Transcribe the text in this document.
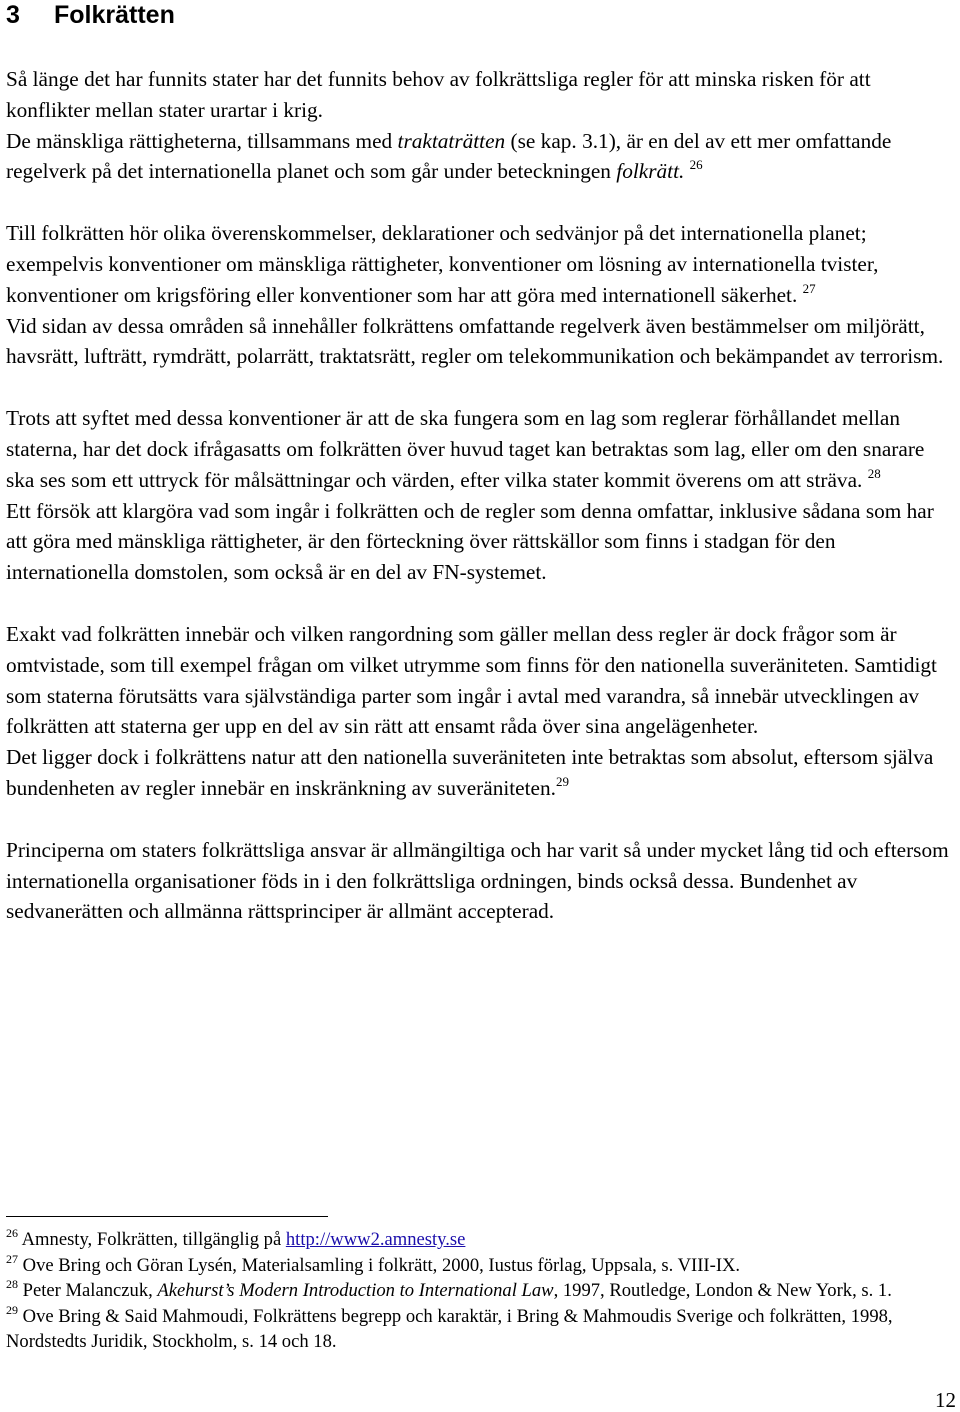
3 Folkrätten

Så länge det har funnits stater har det funnits behov av folkrättsliga regler för att minska risken för att konflikter mellan stater urartar i krig.
De mänskliga rättigheterna, tillsammans med traktaträtten (se kap. 3.1), är en del av ett mer omfattande regelverk på det internationella planet och som går under beteckningen folkrätt. $^{26}$

Till folkrätten hör olika överenskommelser, deklarationer och sedvänjor på det internationella planet; exempelvis konventioner om mänskliga rättigheter, konventioner om lösning av internationella tvister, konventioner om krigsföring eller konventioner som har att göra med internationell säkerhet. $^{27}$

Vid sidan av dessa områden så innehåller folkrättens omfattande regelverk även bestämmelser om miljörätt, havsrätt, lufträtt, rymdrätt, polarrätt, traktatsrätt, regler om telekommunikation och bekämpandet av terrorism.

Trots att syftet med dessa konventioner är att de ska fungera som en lag som reglerar förhållandet mellan staterna, har det dock ifrågasatts om folkrätten över huvud taget kan betraktas som lag, eller om den snarare ska ses som ett uttryck för målsättningar och värden, efter vilka stater kommit överens om att sträva. $^{28}$

Ett försök att klargöra vad som ingår i folkrätten och de regler som denna omfattar, inklusive sådana som har att göra med mänskliga rättigheter, är den förteckning över rättskällor som finns i stadgan för den internationella domstolen, som också är en del av FN-systemet.

Exakt vad folkrätten innebär och vilken rangordning som gäller mellan dess regler är dock frågor som är omtvistade, som till exempel frågan om vilket utrymme som finns för den nationella suveräniteten. Samtidigt som staterna förutsätts vara självständiga parter som ingår i avtal med varandra, så innebär utvecklingen av folkrätten att staterna ger upp en del av sin rätt att ensamt råda över sina angelägenheter.

Det ligger dock i folkrättens natur att den nationella suveräniteten inte betraktas som absolut, eftersom själva bundenheten av regler innebär en inskränkning av suveräniteten.$^{29}$

Principerna om staters folkrättsliga ansvar är allmängiltiga och har varit så under mycket lång tid och eftersom internationella organisationer föds in i den folkrättsliga ordningen, binds också dessa. Bundenhet av sedvanerätten och allmänna rättsprinciper är allmänt accepterad.

$^{26}$ Amnesty, Folkrätten, tillgänglig på http://www2.amnesty.se

$^{27}$ Ove Bring och Göran Lysén, Materialsamling i folkrätt, 2000, Iustus förlag, Uppsala, s. VIII-IX.

$^{28}$ Peter Malanczuk, Akehurst’s Modern Introduction to International Law, 1997, Routledge, London & New York, s. 1.

$^{29}$ Ove Bring & Said Mahmoudi, Folkrättens begrepp och karaktär, i Bring & Mahmoudis Sverige och folkrätten, 1998, Nordstedts Juridik, Stockholm, s. 14 och 18.

12
